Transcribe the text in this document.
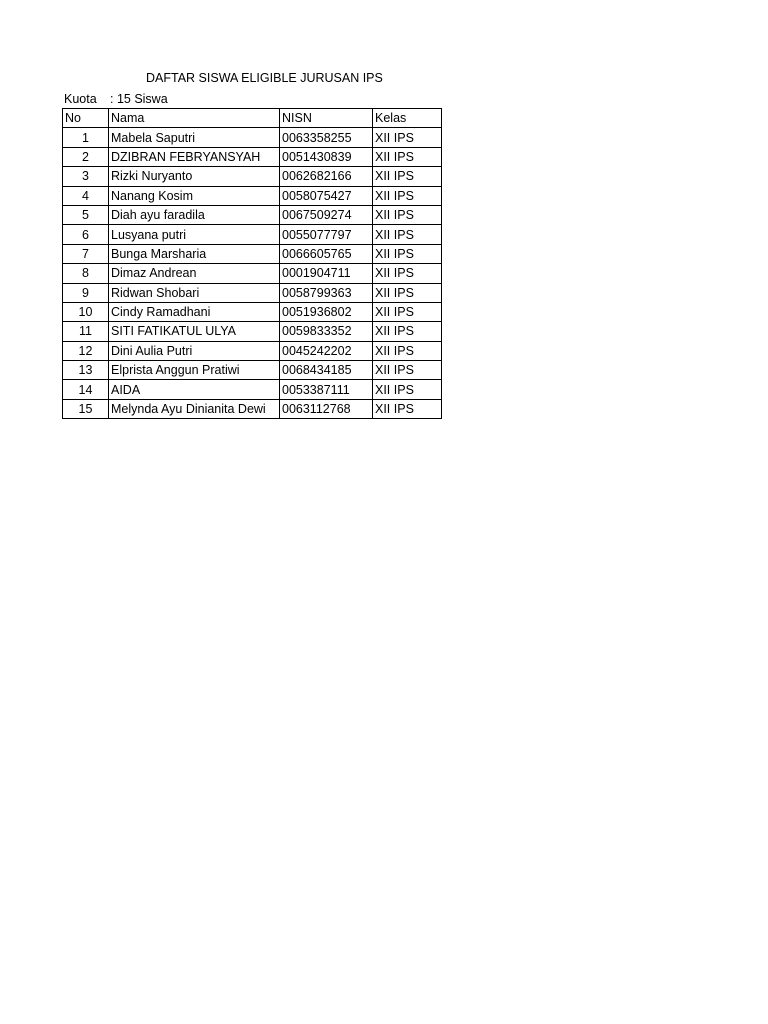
DAFTAR SISWA ELIGIBLE JURUSAN IPS
Kuota : 15 Siswa
No	Nama	NISN	Kelas
1	Mabela Saputri	0063358255	XII IPS
2	DZIBRAN FEBRYANSYAH	0051430839	XII IPS
3	Rizki Nuryanto	0062682166	XII IPS
4	Nanang Kosim	0058075427	XII IPS
5	Diah ayu faradila	0067509274	XII IPS
6	Lusyana putri	0055077797	XII IPS
7	Bunga Marsharia	0066605765	XII IPS
8	Dimaz Andrean	0001904711	XII IPS
9	Ridwan Shobari	0058799363	XII IPS
10	Cindy Ramadhani	0051936802	XII IPS
11	SITI FATIKATUL ULYA	0059833352	XII IPS
12	Dini Aulia Putri	0045242202	XII IPS
13	Elprista Anggun Pratiwi	0068434185	XII IPS
14	AIDA	0053387111	XII IPS
15	Melynda Ayu Dinianita Dewi	0063112768	XII IPS
